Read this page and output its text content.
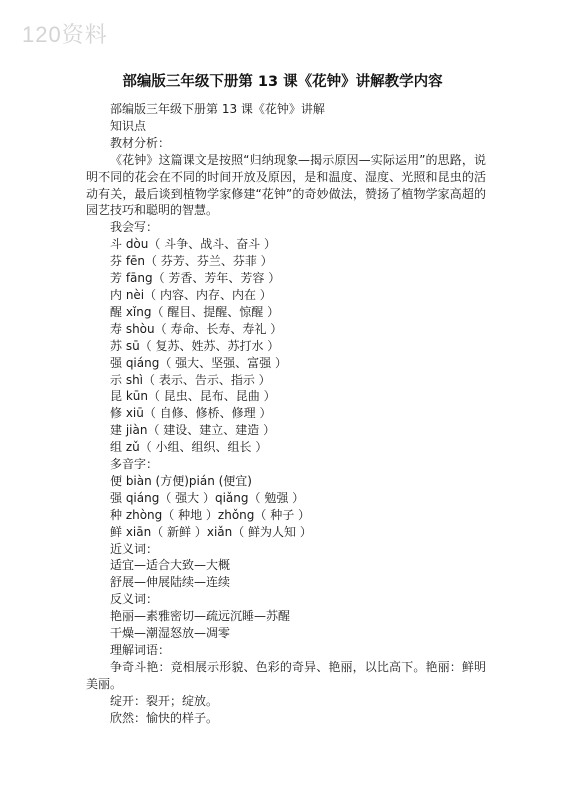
120资料
部编版三年级下册第 13 课《花钟》讲解教学内容
部编版三年级下册第 13 课《花钟》讲解
知识点
教材分析：
《花钟》这篇课文是按照“归纳现象—揭示原因—实际运用”的思路，说明不同的花会在不同的时间开放及原因，是和温度、湿度、光照和昆虫的活动有关，最后谈到植物学家修建“花钟”的奇妙做法，赞扬了植物学家高超的园艺技巧和聪明的智慧。
我会写：
斗 dòu（ 斗争、战斗、奋斗 ）
芬 fēn（ 芬芳、芬兰、芬菲 ）
芳 fāng（ 芳香、芳年、芳容 ）
内 nèi（ 内容、内存、内在 ）
醒 xǐng（ 醒目、提醒、惊醒 ）
寿 shòu（ 寿命、长寿、寿礼 ）
苏 sū（ 复苏、姓苏、苏打水 ）
强 qiáng（ 强大、坚强、富强 ）
示 shì（ 表示、告示、指示 ）
昆 kūn（ 昆虫、昆布、昆曲 ）
修 xiū（ 自修、修桥、修理 ）
建 jiàn（ 建设、建立、建造 ）
组 zǔ（ 小组、组织、组长 ）
多音字：
便 biàn (方便)pián (便宜)
强 qiáng（ 强大 ）qiǎng（ 勉强 ）
种 zhòng（ 种地 ）zhǒng（ 种子 ）
鲜 xiān（ 新鲜 ）xiǎn（ 鲜为人知 ）
近义词：
适宜—适合大致—大概
舒展—伸展陆续—连续
反义词：
艳丽—素雅密切—疏远沉睡—苏醒
干燥—潮湿怒放—凋零
理解词语：
争奇斗艳：竞相展示形貌、色彩的奇异、艳丽，以比高下。艳丽：鲜明美丽。
绽开：裂开；绽放。
欣然：愉快的样子。
